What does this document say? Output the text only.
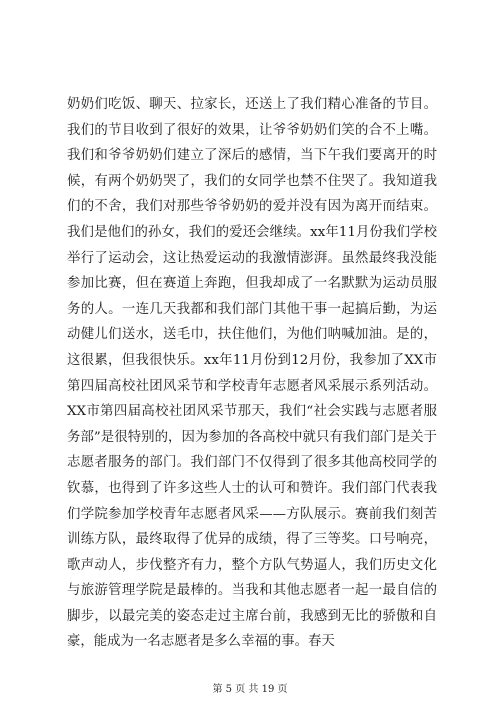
奶奶们吃饭、聊天、拉家长，还送上了我们精心准备的节目。我们的节目收到了很好的效果，让爷爷奶奶们笑的合不上嘴。我们和爷爷奶奶们建立了深后的感情，当下午我们要离开的时候，有两个奶奶哭了，我们的女同学也禁不住哭了。我知道我们的不舍，我们对那些爷爷奶奶的爱并没有因为离开而结束。我们是他们的孙女，我们的爱还会继续。xx年11月份我们学校举行了运动会，这让热爱运动的我激情澎湃。虽然最终我没能参加比赛，但在赛道上奔跑，但我却成了一名默默为运动员服务的人。一连几天我都和我们部门其他干事一起搞后勤，为运动健儿们送水，送毛巾，扶住他们，为他们呐喊加油。是的，这很累，但我很快乐。xx年11月份到12月份，我参加了XX市第四届高校社团风采节和学校青年志愿者风采展示系列活动。XX市第四届高校社团风采节那天，我们“社会实践与志愿者服务部”是很特别的，因为参加的各高校中就只有我们部门是关于志愿者服务的部门。我们部门不仅得到了很多其他高校同学的钦慕，也得到了许多这些人士的认可和赞许。我们部门代表我们学院参加学校青年志愿者风采——方队展示。赛前我们刻苦训练方队，最终取得了优异的成绩，得了三等奖。口号响亮，歌声动人，步伐整齐有力，整个方队气势逼人，我们历史文化与旅游管理学院是最棒的。当我和其他志愿者一起一最自信的脚步，以最完美的姿态走过主席台前，我感到无比的骄傲和自豪，能成为一名志愿者是多么幸福的事。春天

第 5 页 共 19 页
